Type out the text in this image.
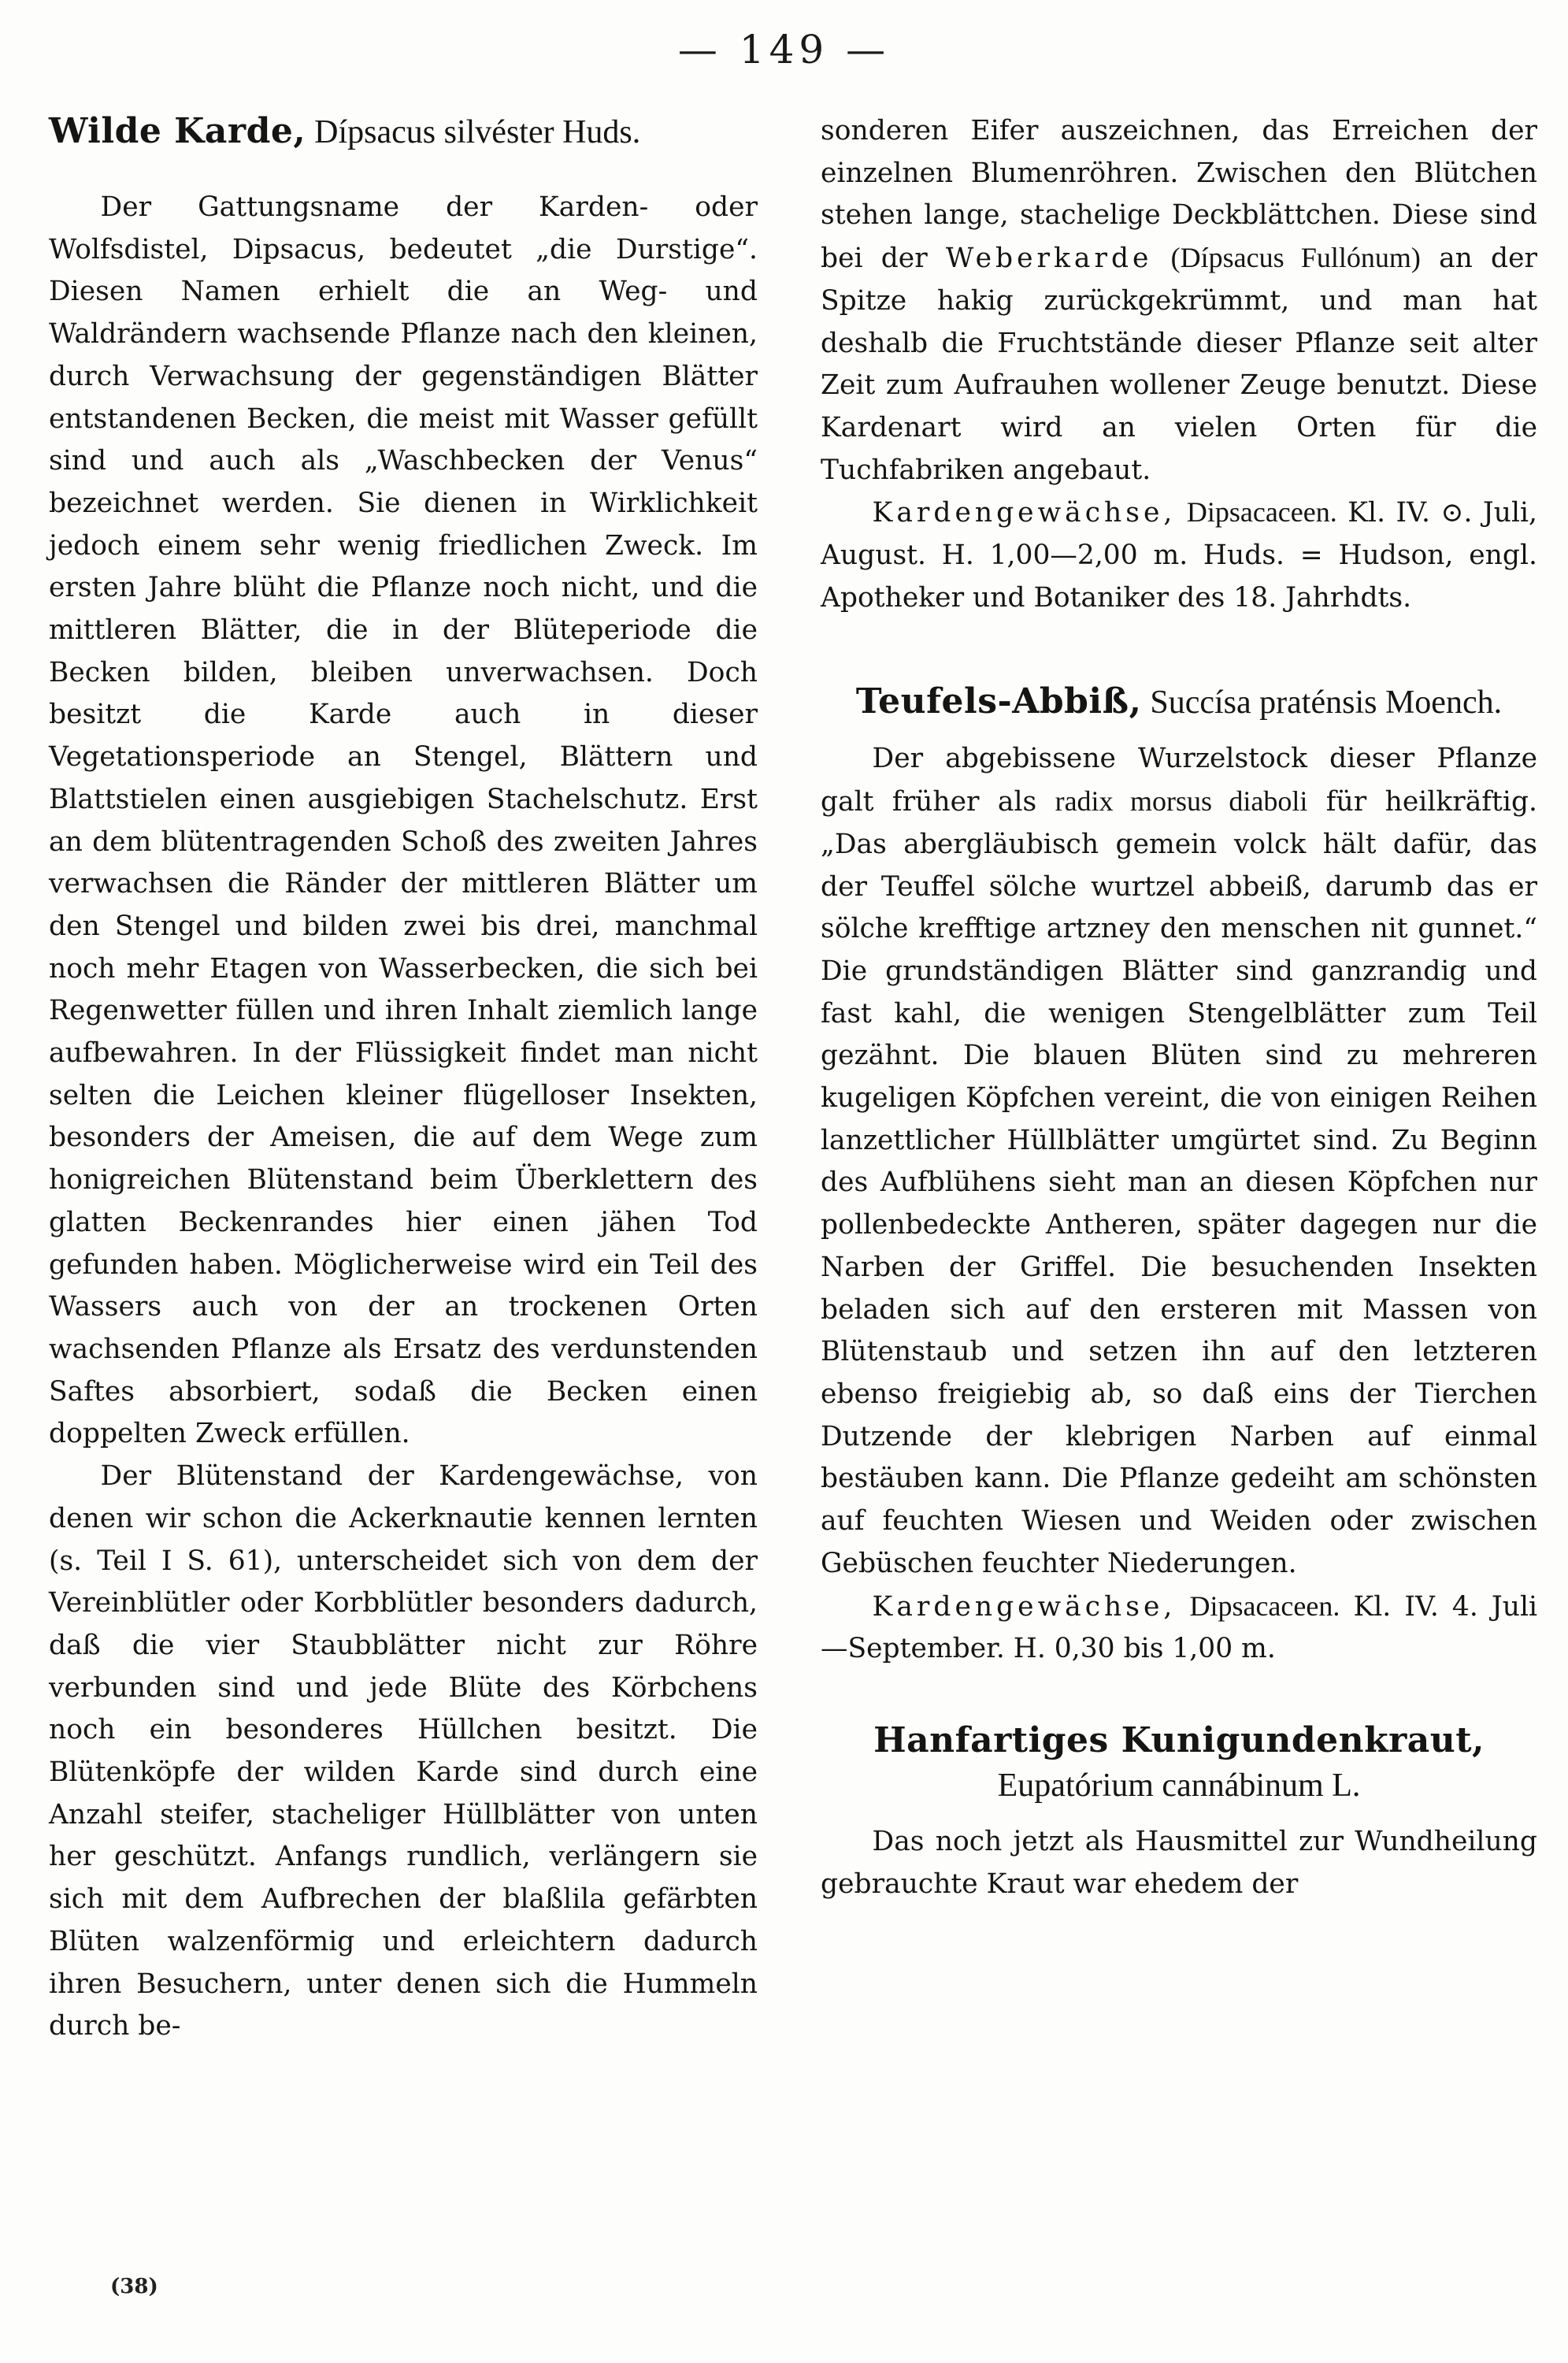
— 149 —

Wilde Karde, Dípsacus silvéster Huds.

Der Gattungsname der Karden- oder Wolfsdistel, Dipsacus, bedeutet „die Durstige“. Diesen Namen erhielt die an Weg- und Waldrändern wachsende Pflanze nach den kleinen, durch Verwachsung der gegenständigen Blätter entstandenen Becken, die meist mit Wasser gefüllt sind und auch als „Waschbecken der Venus“ bezeichnet werden. Sie dienen in Wirklichkeit jedoch einem sehr wenig friedlichen Zweck. Im ersten Jahre blüht die Pflanze noch nicht, und die mittleren Blätter, die in der Blüteperiode die Becken bilden, bleiben unverwachsen. Doch besitzt die Karde auch in dieser Vegetationsperiode an Stengel, Blättern und Blattstielen einen ausgiebigen Stachelschutz. Erst an dem blütentragenden Schoß des zweiten Jahres verwachsen die Ränder der mittleren Blätter um den Stengel und bilden zwei bis drei, manchmal noch mehr Etagen von Wasserbecken, die sich bei Regenwetter füllen und ihren Inhalt ziemlich lange aufbewahren. In der Flüssigkeit findet man nicht selten die Leichen kleiner flügelloser Insekten, besonders der Ameisen, die auf dem Wege zum honigreichen Blütenstand beim Überklettern des glatten Beckenrandes hier einen jähen Tod gefunden haben. Möglicherweise wird ein Teil des Wassers auch von der an trockenen Orten wachsenden Pflanze als Ersatz des verdunstenden Saftes absorbiert, sodaß die Becken einen doppelten Zweck erfüllen.

Der Blütenstand der Kardengewächse, von denen wir schon die Ackerknautie kennen lernten (s. Teil I S. 61), unterscheidet sich von dem der Vereinblütler oder Korbblütler besonders dadurch, daß die vier Staubblätter nicht zur Röhre verbunden sind und jede Blüte des Körbchens noch ein besonderes Hüllchen besitzt. Die Blütenköpfe der wilden Karde sind durch eine Anzahl steifer, stacheliger Hüllblätter von unten her geschützt. Anfangs rundlich, verlängern sie sich mit dem Aufbrechen der blaßlila gefärbten Blüten walzenförmig und erleichtern dadurch ihren Besuchern, unter denen sich die Hummeln durch be-

(38)

sonderen Eifer auszeichnen, das Erreichen der einzelnen Blumenröhren. Zwischen den Blütchen stehen lange, stachelige Deckblättchen. Diese sind bei der Weberkarde (Dípsacus Fullónum) an der Spitze hakig zurückgekrümmt, und man hat deshalb die Fruchtstände dieser Pflanze seit alter Zeit zum Aufrauhen wollener Zeuge benutzt. Diese Kardenart wird an vielen Orten für die Tuchfabriken angebaut.

Kardengewächse, Dipsacaceen. Kl. IV. ⊙. Juli, August. H. 1,00—2,00 m. Huds. = Hudson, engl. Apotheker und Botaniker des 18. Jahrhdts.

Teufels-Abbiß, Succísa praténsis Moench.

Der abgebissene Wurzelstock dieser Pflanze galt früher als radix morsus diaboli für heilkräftig. „Das abergläubisch gemein volck hält dafür, das der Teuffel sölche wurtzel abbeiß, darumb das er sölche krefftige artzney den menschen nit gunnet.“ Die grundständigen Blätter sind ganzrandig und fast kahl, die wenigen Stengelblätter zum Teil gezähnt. Die blauen Blüten sind zu mehreren kugeligen Köpfchen vereint, die von einigen Reihen lanzettlicher Hüllblätter umgürtet sind. Zu Beginn des Aufblühens sieht man an diesen Köpfchen nur pollenbedeckte Antheren, später dagegen nur die Narben der Griffel. Die besuchenden Insekten beladen sich auf den ersteren mit Massen von Blütenstaub und setzen ihn auf den letzteren ebenso freigiebig ab, so daß eins der Tierchen Dutzende der klebrigen Narben auf einmal bestäuben kann. Die Pflanze gedeiht am schönsten auf feuchten Wiesen und Weiden oder zwischen Gebüschen feuchter Niederungen.

Kardengewächse, Dipsacaceen. Kl. IV. 4. Juli—September. H. 0,30 bis 1,00 m.

Hanfartiges Kunigundenkraut,
Eupatórium cannábinum L.

Das noch jetzt als Hausmittel zur Wundheilung gebrauchte Kraut war ehedem der
